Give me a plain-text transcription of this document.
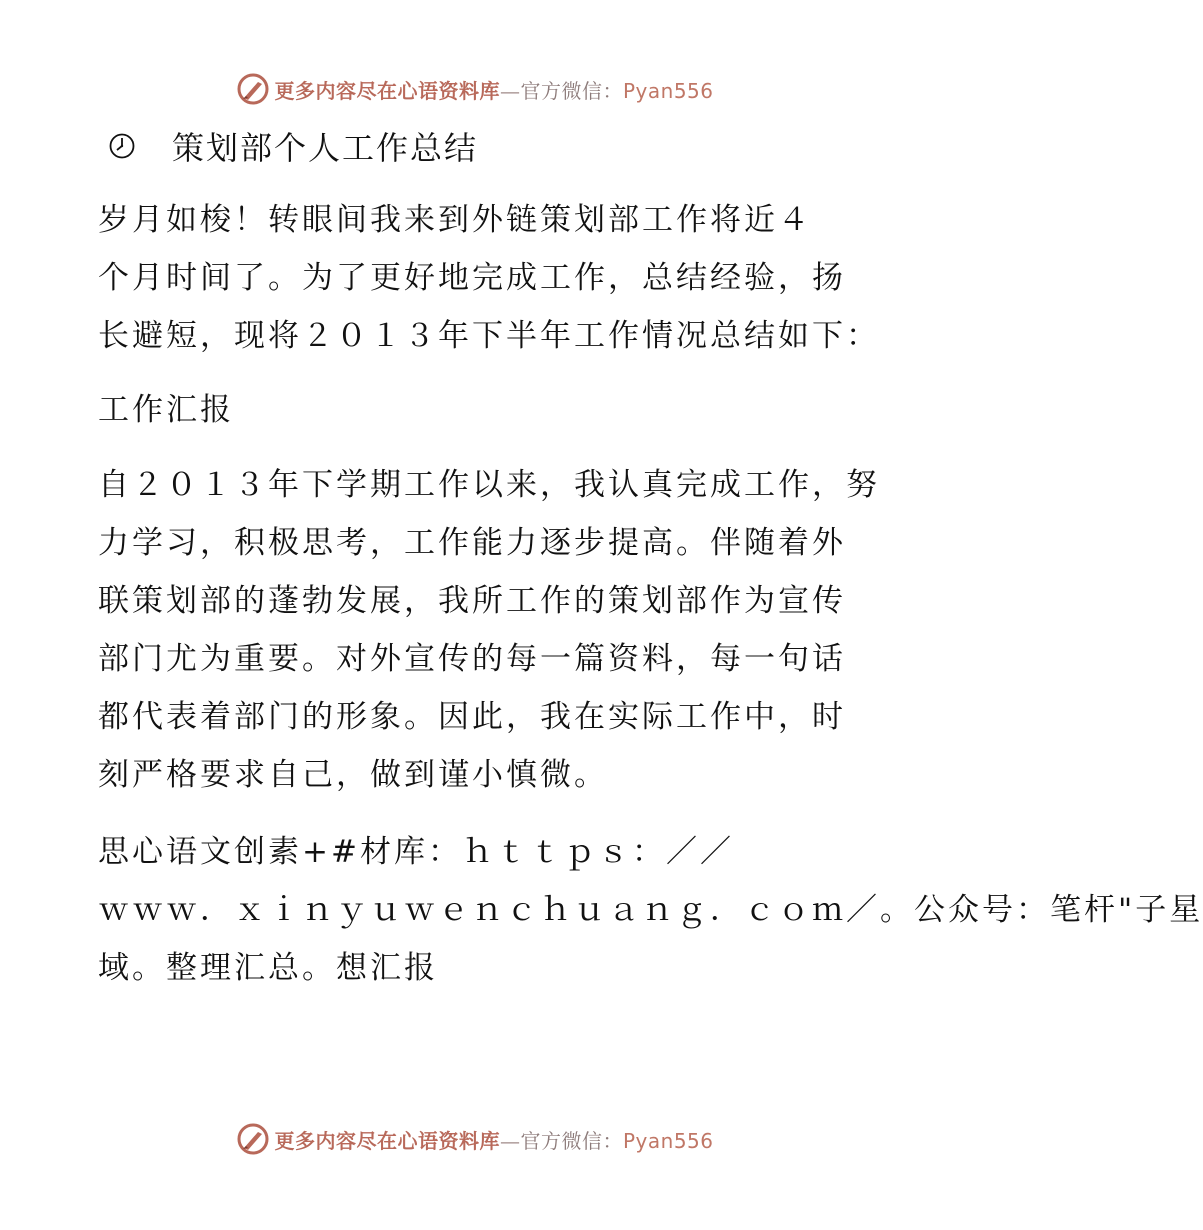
更多内容尽在心语资料库—官方微信：Pyan556
策划部个人工作总结
岁月如梭！转眼间我来到外链策划部工作将近４
个月时间了。为了更好地完成工作，总结经验，扬
长避短，现将２０１３年下半年工作情况总结如下：
工作汇报
自２０１３年下学期工作以来，我认真完成工作，努
力学习，积极思考，工作能力逐步提高。伴随着外
联策划部的蓬勃发展，我所工作的策划部作为宣传
部门尤为重要。对外宣传的每一篇资料，每一句话
都代表着部门的形象。因此，我在实际工作中，时
刻严格要求自己，做到谨小慎微。
思心语文创素+#材库：ｈｔｔｐｓ：／／
ｗｗｗ．ｘｉｎｙｕｗｅｎｃｈｕａｎｇ．ｃｏｍ／。公众号：笔杆"子星
域。整理汇总。想汇报
更多内容尽在心语资料库—官方微信：Pyan556
